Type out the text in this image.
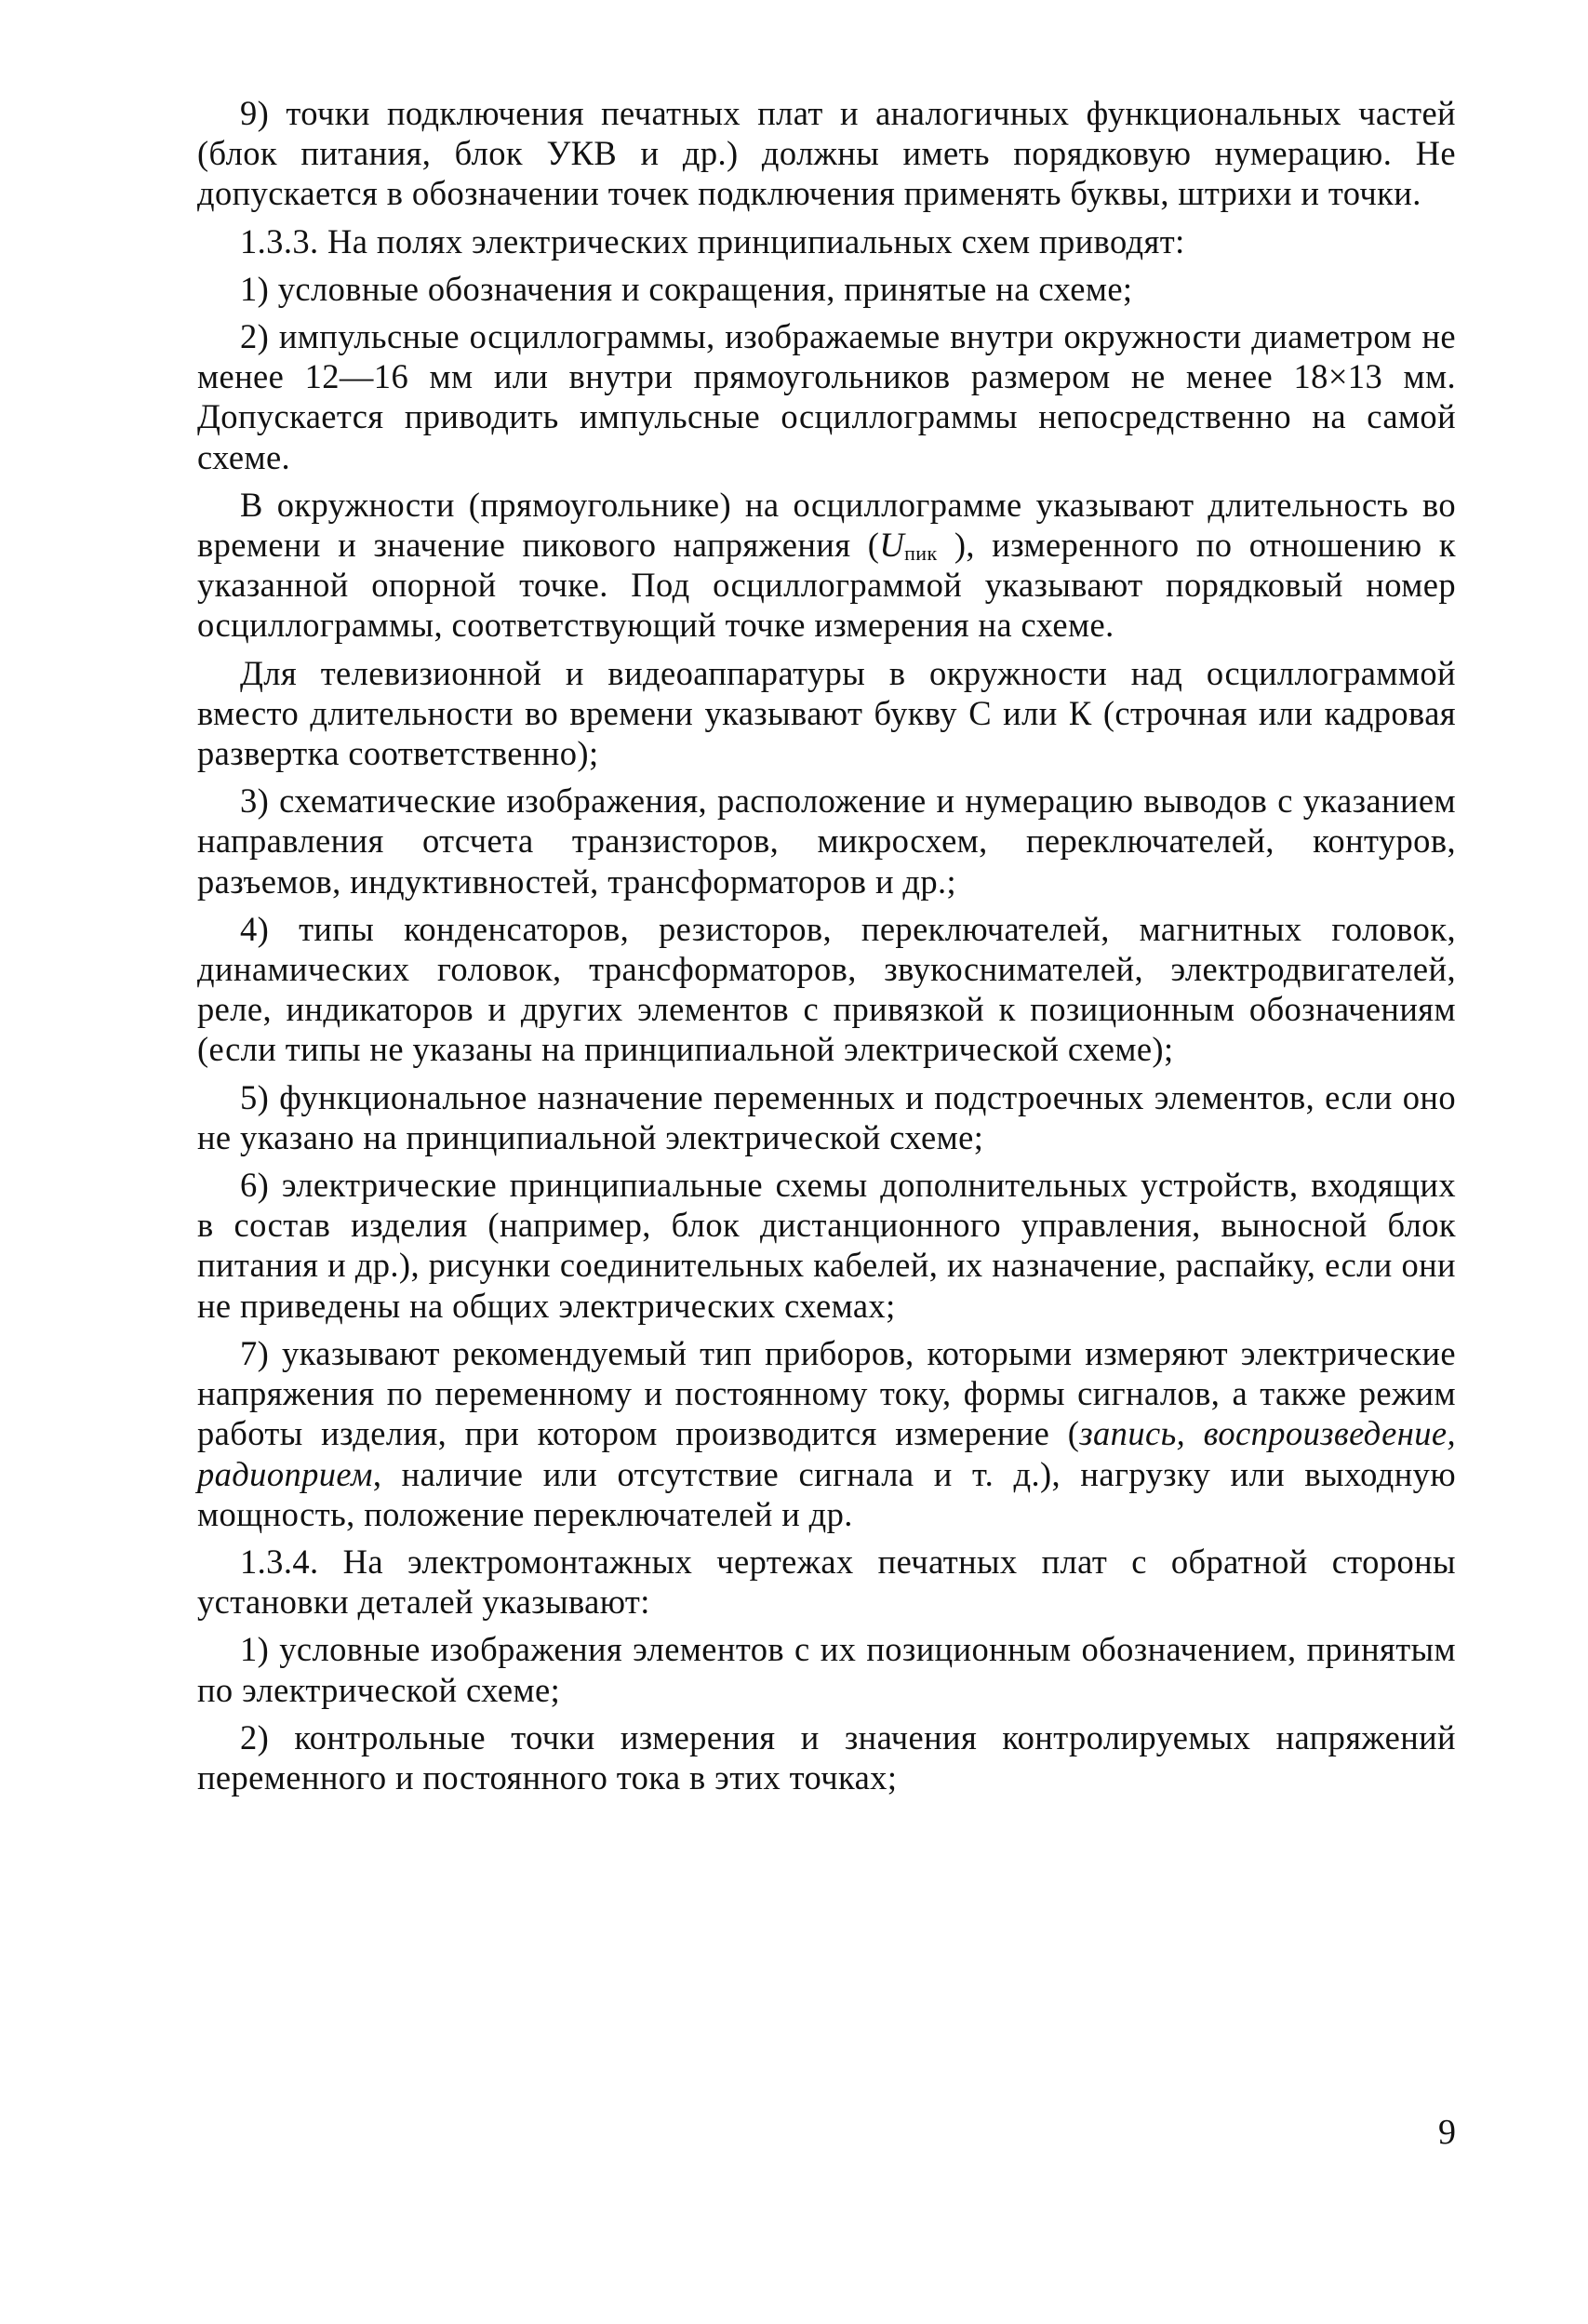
9) точки подключения печатных плат и аналогичных функциональных частей (блок питания, блок УКВ и др.) должны иметь порядковую нумерацию. Не допускается в обозначении точек подключения применять буквы, штрихи и точки.

1.3.3. На полях электрических принципиальных схем приводят:

1) условные обозначения и сокращения, принятые на схеме;

2) импульсные осциллограммы, изображаемые внутри окружности диаметром не менее 12—16 мм или внутри прямоугольников размером не менее 18×13 мм. Допускается приводить импульсные осциллограммы непосредственно на самой схеме.

В окружности (прямоугольнике) на осциллограмме указывают длительность во времени и значение пикового напряжения ($U_{пик}$ ), измеренного по отношению к указанной опорной точке. Под осциллограммой указывают порядковый номер осциллограммы, соответствующий точке измерения на схеме.

Для телевизионной и видеоаппаратуры в окружности над осциллограммой вместо длительности во времени указывают букву С или К (строчная или кадровая развертка соответственно);

3) схематические изображения, расположение и нумерацию выводов с указанием направления отсчета транзисторов, микросхем, переключателей, контуров, разъемов, индуктивностей, трансформаторов и др.;

4) типы конденсаторов, резисторов, переключателей, магнитных головок, динамических головок, трансформаторов, звукоснимателей, электродвигателей, реле, индикаторов и других элементов с привязкой к позиционным обозначениям (если типы не указаны на принципиальной электрической схеме);

5) функциональное назначение переменных и подстроечных элементов, если оно не указано на принципиальной электрической схеме;

6) электрические принципиальные схемы дополнительных устройств, входящих в состав изделия (например, блок дистанционного управления, выносной блок питания и др.), рисунки соединительных кабелей, их назначение, распайку, если они не приведены на общих электрических схемах;

7) указывают рекомендуемый тип приборов, которыми измеряют электрические напряжения по переменному и постоянному току, формы сигналов, а также режим работы изделия, при котором производится измерение (запись, воспроизведение, радиоприем, наличие или отсутствие сигнала и т. д.), нагрузку или выходную мощность, положение переключателей и др.

1.3.4. На электромонтажных чертежах печатных плат с обратной стороны установки деталей указывают:

1) условные изображения элементов с их позиционным обозначением, принятым по электрической схеме;

2) контрольные точки измерения и значения контролируемых напряжений переменного и постоянного тока в этих точках;

9
